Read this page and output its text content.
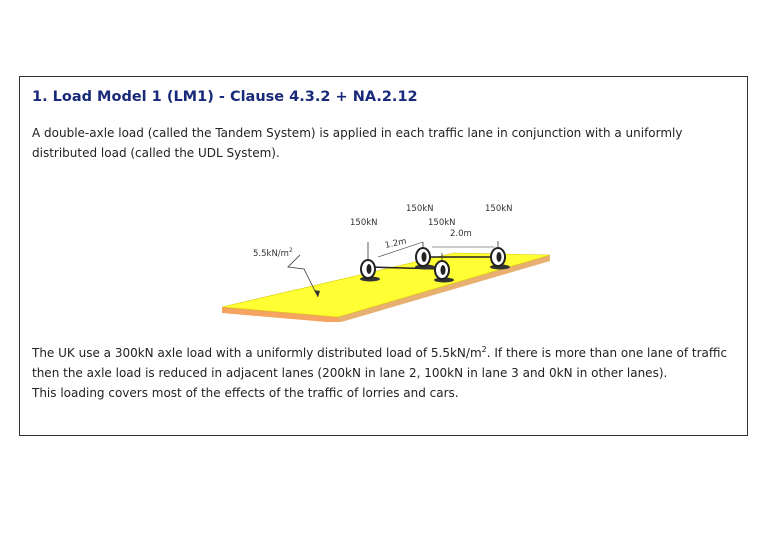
1. Load Model 1 (LM1) - Clause 4.3.2 + NA.2.12

A double-axle load (called the Tandem System) is applied in each traffic lane in conjunction with a uniformly distributed load (called the UDL System).

$5.5kN/m^2$
150kN
150kN
150kN
150kN
1.2m
2.0m

The UK use a 300kN axle load with a uniformly distributed load of $5.5kN/m^2$. If there is more than one lane of traffic then the axle load is reduced in adjacent lanes (200kN in lane 2, 100kN in lane 3 and 0kN in other lanes).
This loading covers most of the effects of the traffic of lorries and cars.
